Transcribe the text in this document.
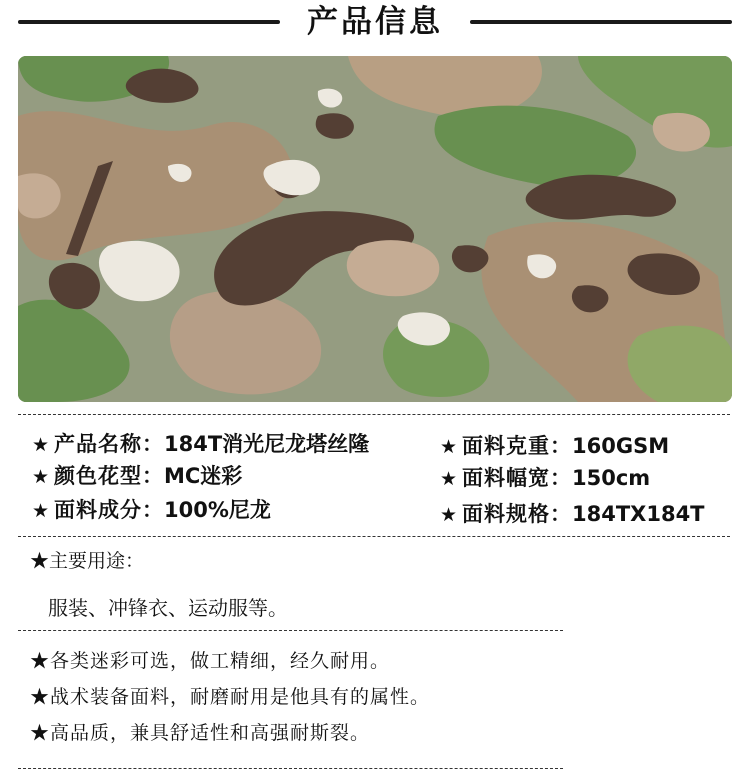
产品信息
★ 产品名称：184T消光尼龙塔丝隆
★ 颜色花型：MC迷彩
★ 面料成分：100%尼龙
★ 面料克重：160GSM
★ 面料幅宽：150cm
★ 面料规格：184TX184T
★主要用途：
服装、冲锋衣、运动服等。
★各类迷彩可选，做工精细，经久耐用。
★战术装备面料，耐磨耐用是他具有的属性。
★高品质，兼具舒适性和高强耐斯裂。
